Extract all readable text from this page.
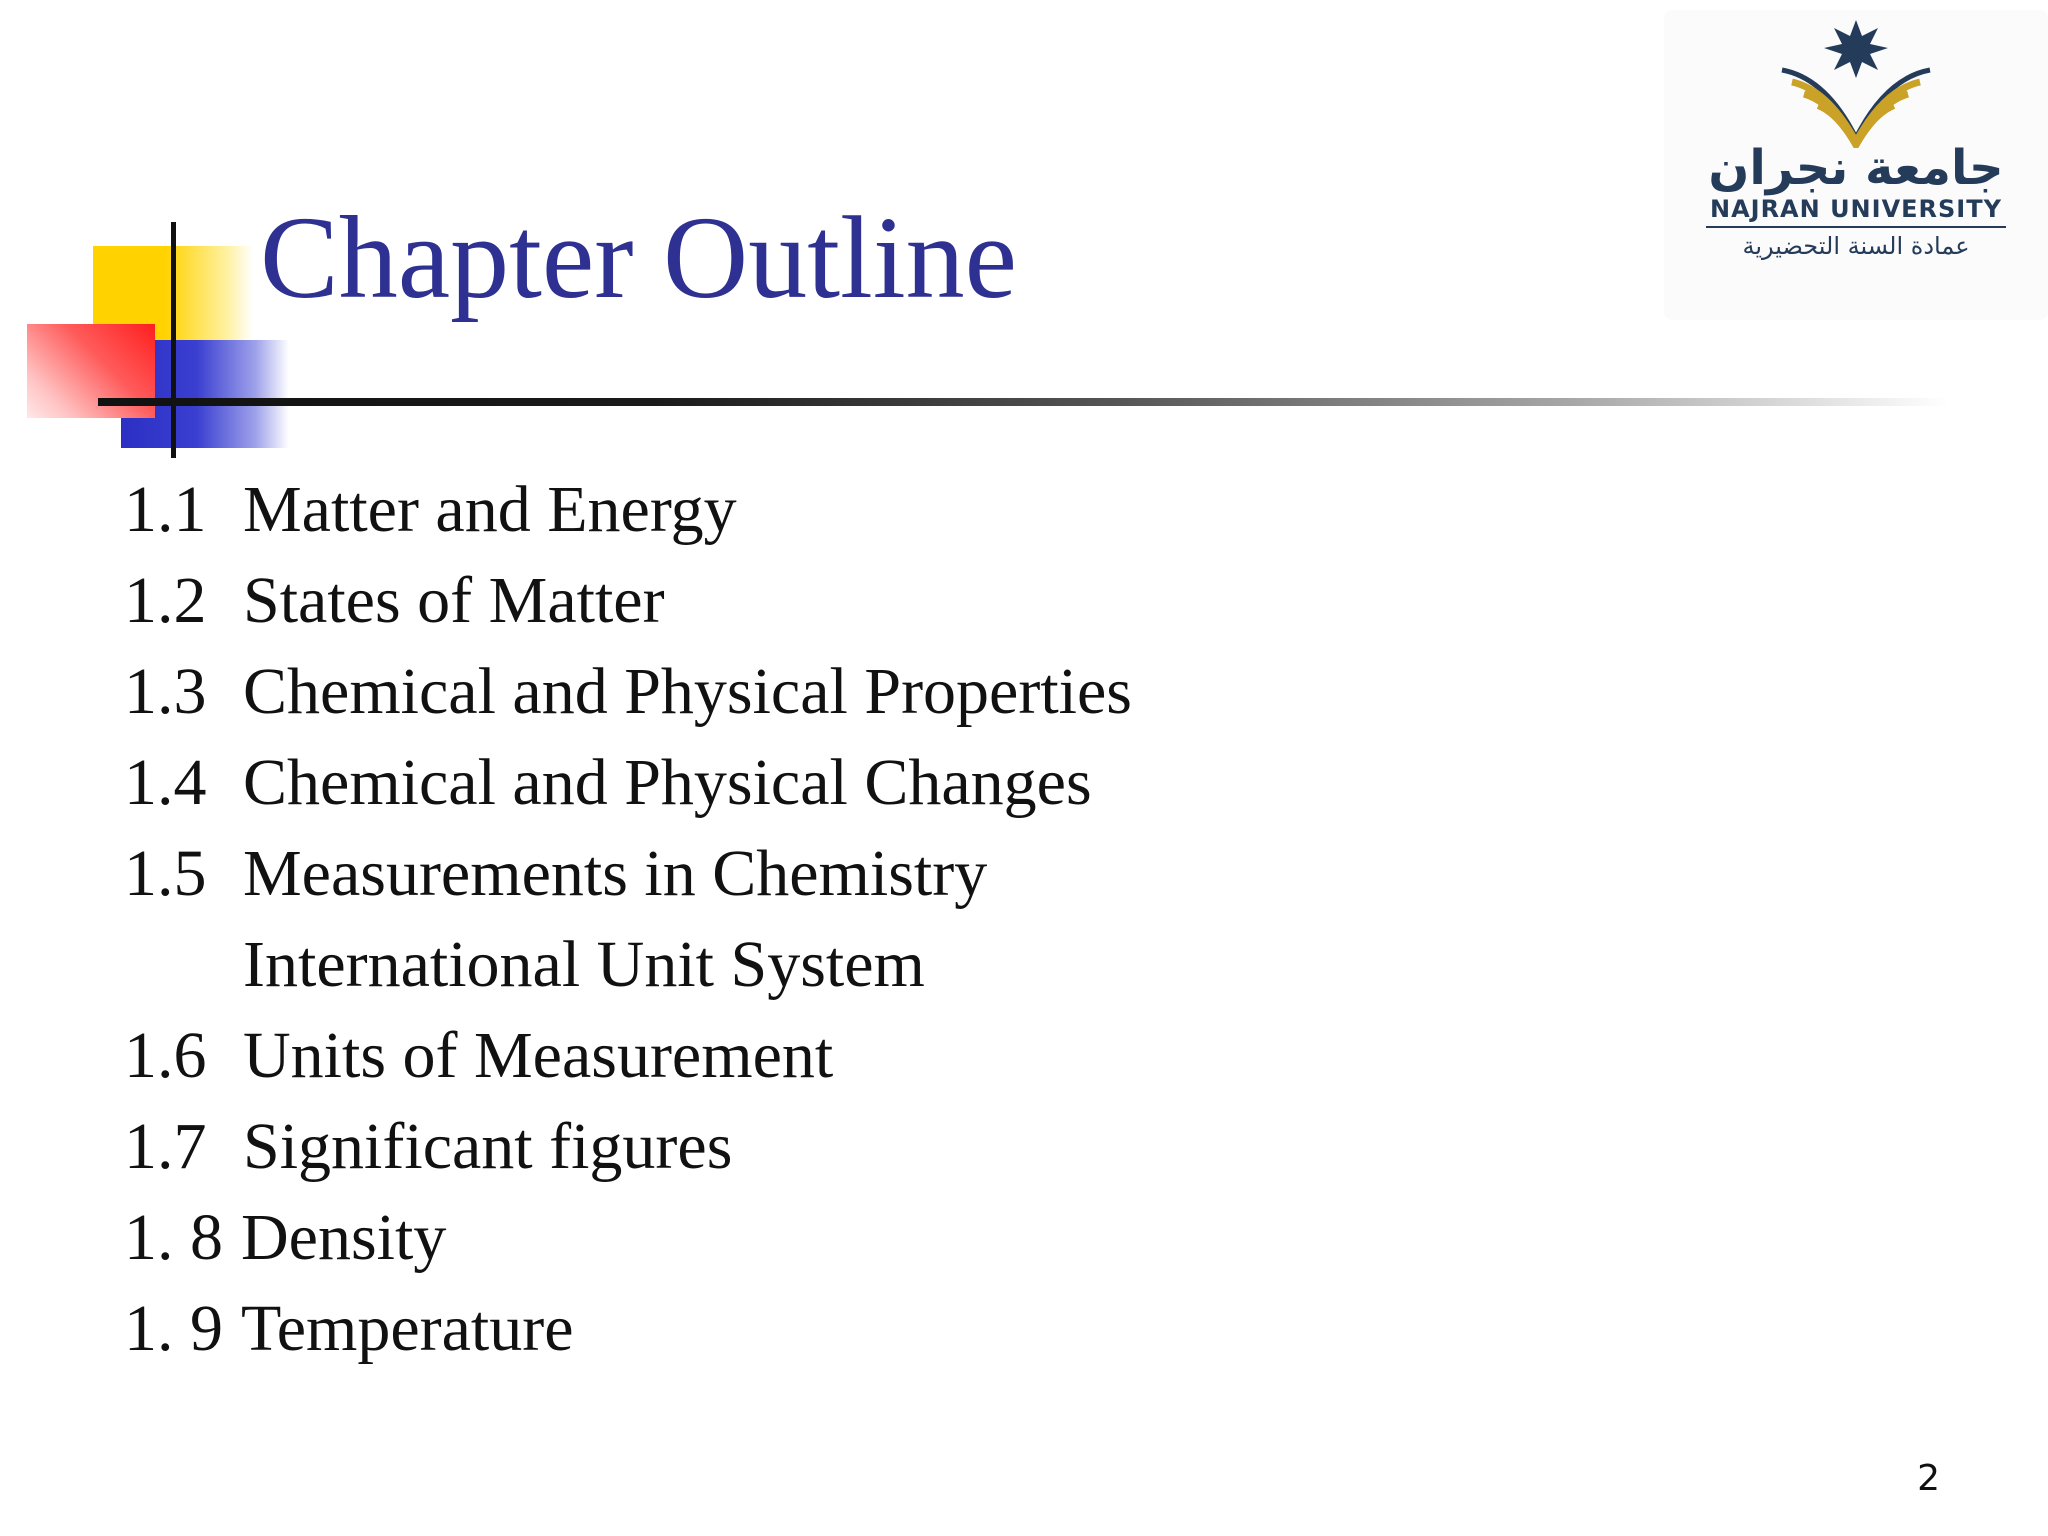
Chapter Outline
جامعة نجران
NAJRAN UNIVERSITY
عمادة السنة التحضيرية
1.1 Matter and Energy
1.2 States of Matter
1.3 Chemical and Physical Properties
1.4 Chemical and Physical Changes
1.5 Measurements in Chemistry
International Unit System
1.6 Units of Measurement
1.7 Significant figures
1. 8 Density
1. 9 Temperature
2
